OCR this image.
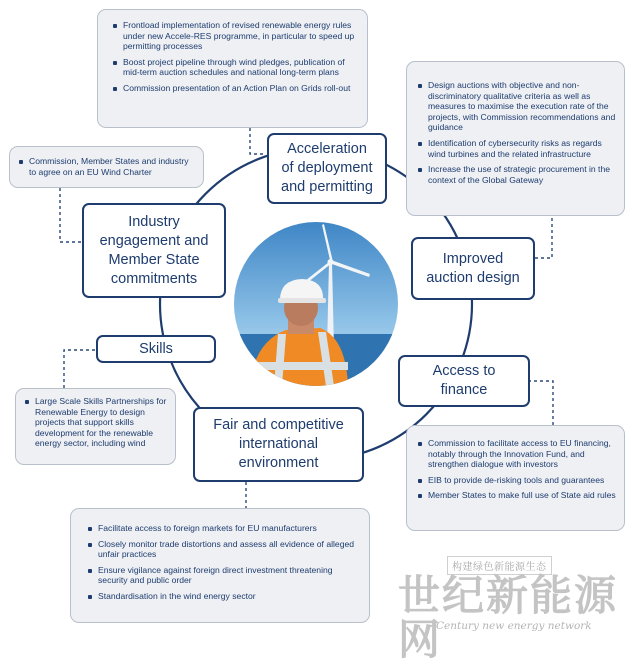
Frontload implementation of revised renewable energy rules under new Accele-RES programme, in particular to speed up permitting processes
Boost project pipeline through wind pledges, publication of mid-term auction schedules and national long-term plans
Commission presentation of an Action Plan on Grids roll-out
Commission, Member States and industry to agree on an EU Wind Charter
Design auctions with objective and non-discriminatory qualitative criteria as well as measures to maximise the execution rate of the projects, with Commission recommendations and guidance
Identification of cybersecurity risks as regards wind turbines and the related infrastructure
Increase the use of strategic procurement in the context of the Global Gateway
Large Scale Skills Partnerships for Renewable Energy to design projects that support skills development for the renewable energy sector, including wind	Commission to facilitate access to EU financing, notably through the Innovation Fund, and strengthen dialogue with investors
EIB to provide de-risking tools and guarantees
Member States to make full use of State aid rules
Facilitate access to foreign markets for EU manufacturers
Closely monitor trade distortions and assess all evidence of alleged unfair practices
Ensure vigilance against foreign direct investment threatening security and public order
Standardisation in the wind energy sector
Acceleration
of deployment
and permitting
Industry
engagement and
Member State
commitments
Improved
auction design
Skills
Access to
finance
Fair and competitive
international
environment
构建绿色新能源生态
世纪新能源网
Century new energy network
